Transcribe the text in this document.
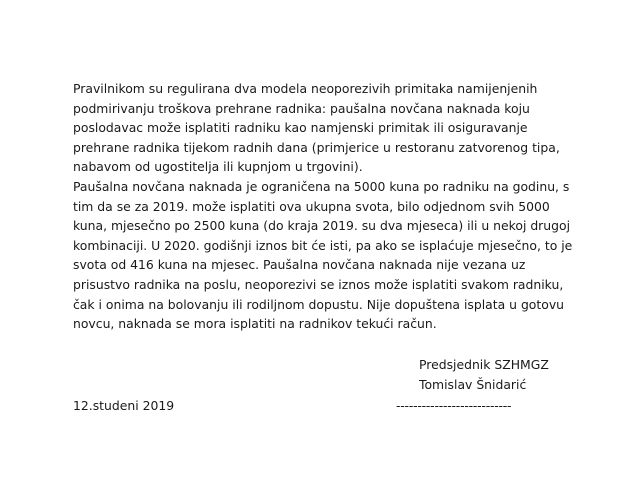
Pravilnikom su regulirana dva modela neoporezivih primitaka namijenjenih
podmirivanju troškova prehrane radnika: paušalna novčana naknada koju
poslodavac može isplatiti radniku kao namjenski primitak ili osiguravanje
prehrane radnika tijekom radnih dana (primjerice u restoranu zatvorenog tipa,
nabavom od ugostitelja ili kupnjom u trgovini).
Paušalna novčana naknada je ograničena na 5000 kuna po radniku na godinu, s
tim da se za 2019. može isplatiti ova ukupna svota, bilo odjednom svih 5000
kuna, mjesečno po 2500 kuna (do kraja 2019. su dva mjeseca) ili u nekoj drugoj
kombinaciji. U 2020. godišnji iznos bit će isti, pa ako se isplaćuje mjesečno, to je
svota od 416 kuna na mjesec. Paušalna novčana naknada nije vezana uz
prisustvo radnika na poslu, neoporezivi se iznos može isplatiti svakom radniku,
čak i onima na bolovanju ili rodiljnom dopustu. Nije dopuštena isplata u gotovu
novcu, naknada se mora isplatiti na radnikov tekući račun.
Predsjednik SZHMGZ
Tomislav Šnidarić
12.studeni 2019	---------------------------
